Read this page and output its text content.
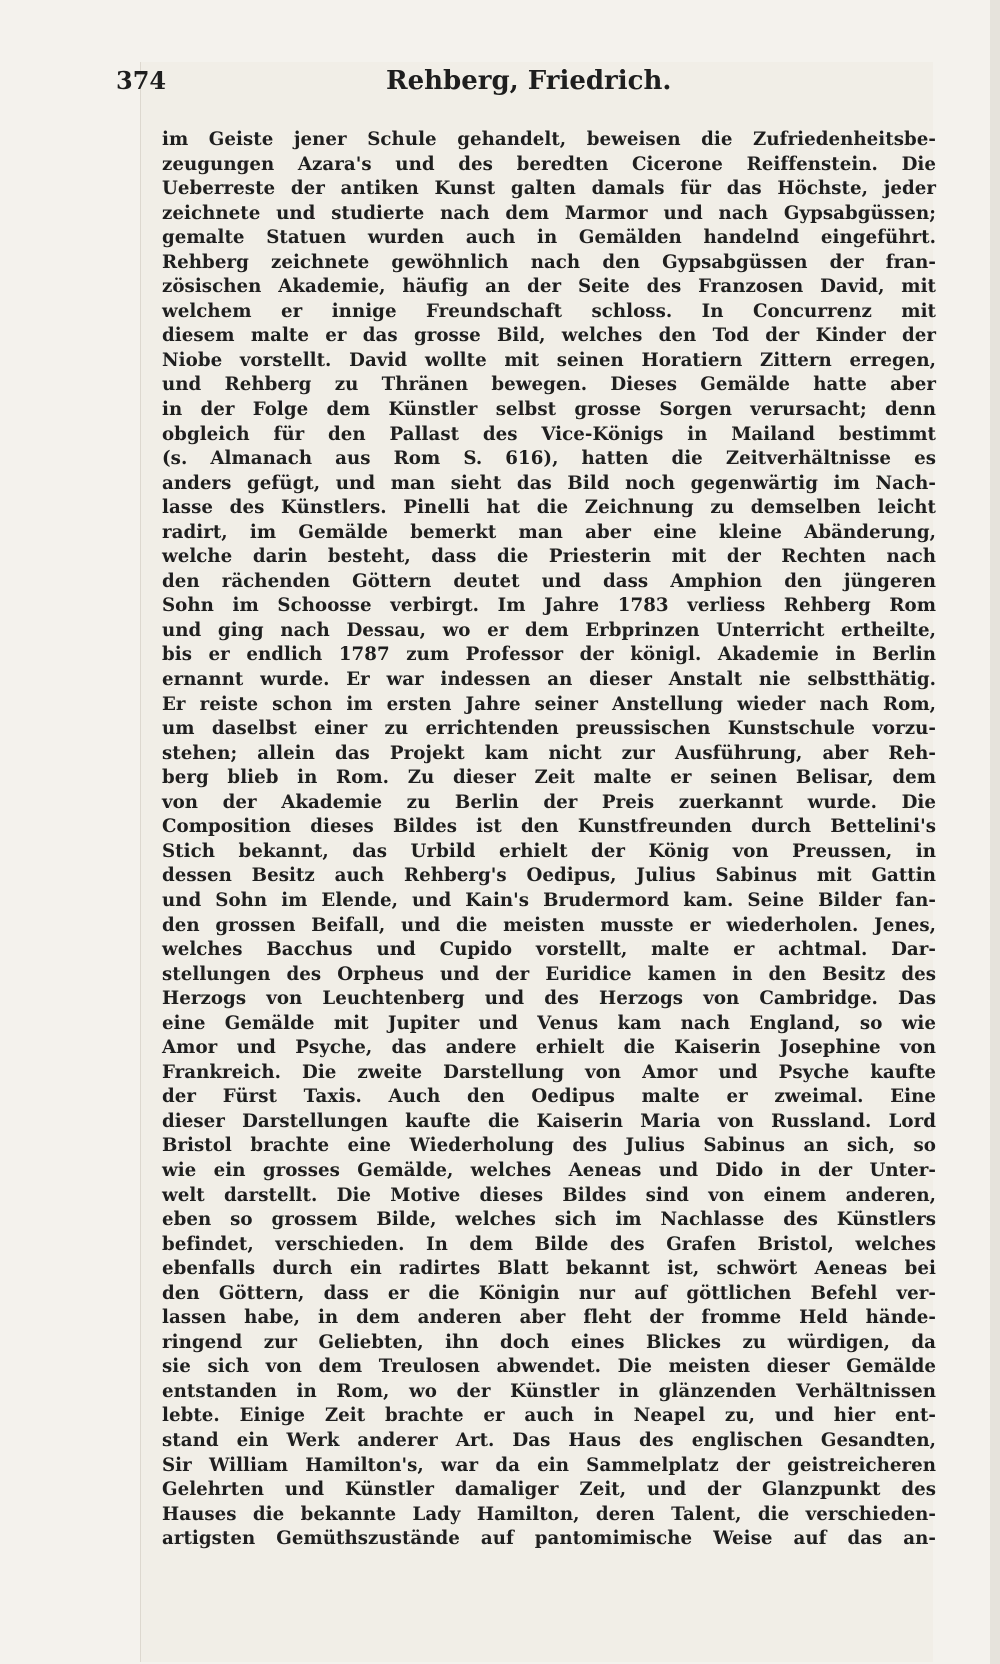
374	Rehberg, Friedrich.
im Geiste jener Schule gehandelt, beweisen die Zufriedenheitsbe-
zeugungen Azara's und des beredten Cicerone Reiffenstein. Die
Ueberreste der antiken Kunst galten damals für das Höchste, jeder
zeichnete und studierte nach dem Marmor und nach Gypsabgüssen;
gemalte Statuen wurden auch in Gemälden handelnd eingeführt.
Rehberg zeichnete gewöhnlich nach den Gypsabgüssen der fran-
zösischen Akademie, häufig an der Seite des Franzosen David, mit
welchem er innige Freundschaft schloss. In Concurrenz mit
diesem malte er das grosse Bild, welches den Tod der Kinder der
Niobe vorstellt. David wollte mit seinen Horatiern Zittern erregen,
und Rehberg zu Thränen bewegen. Dieses Gemälde hatte aber
in der Folge dem Künstler selbst grosse Sorgen verursacht; denn
obgleich für den Pallast des Vice-Königs in Mailand bestimmt
(s. Almanach aus Rom S. 616), hatten die Zeitverhältnisse es
anders gefügt, und man sieht das Bild noch gegenwärtig im Nach-
lasse des Künstlers. Pinelli hat die Zeichnung zu demselben leicht
radirt, im Gemälde bemerkt man aber eine kleine Abänderung,
welche darin besteht, dass die Priesterin mit der Rechten nach
den rächenden Göttern deutet und dass Amphion den jüngeren
Sohn im Schoosse verbirgt. Im Jahre 1783 verliess Rehberg Rom
und ging nach Dessau, wo er dem Erbprinzen Unterricht ertheilte,
bis er endlich 1787 zum Professor der königl. Akademie in Berlin
ernannt wurde. Er war indessen an dieser Anstalt nie selbstthätig.
Er reiste schon im ersten Jahre seiner Anstellung wieder nach Rom,
um daselbst einer zu errichtenden preussischen Kunstschule vorzu-
stehen; allein das Projekt kam nicht zur Ausführung, aber Reh-
berg blieb in Rom. Zu dieser Zeit malte er seinen Belisar, dem
von der Akademie zu Berlin der Preis zuerkannt wurde. Die
Composition dieses Bildes ist den Kunstfreunden durch Bettelini's
Stich bekannt, das Urbild erhielt der König von Preussen, in
dessen Besitz auch Rehberg's Oedipus, Julius Sabinus mit Gattin
und Sohn im Elende, und Kain's Brudermord kam. Seine Bilder fan-
den grossen Beifall, und die meisten musste er wiederholen. Jenes,
welches Bacchus und Cupido vorstellt, malte er achtmal. Dar-
stellungen des Orpheus und der Euridice kamen in den Besitz des
Herzogs von Leuchtenberg und des Herzogs von Cambridge. Das
eine Gemälde mit Jupiter und Venus kam nach England, so wie
Amor und Psyche, das andere erhielt die Kaiserin Josephine von
Frankreich. Die zweite Darstellung von Amor und Psyche kaufte
der Fürst Taxis. Auch den Oedipus malte er zweimal. Eine
dieser Darstellungen kaufte die Kaiserin Maria von Russland. Lord
Bristol brachte eine Wiederholung des Julius Sabinus an sich, so
wie ein grosses Gemälde, welches Aeneas und Dido in der Unter-
welt darstellt. Die Motive dieses Bildes sind von einem anderen,
eben so grossem Bilde, welches sich im Nachlasse des Künstlers
befindet, verschieden. In dem Bilde des Grafen Bristol, welches
ebenfalls durch ein radirtes Blatt bekannt ist, schwört Aeneas bei
den Göttern, dass er die Königin nur auf göttlichen Befehl ver-
lassen habe, in dem anderen aber fleht der fromme Held hände-
ringend zur Geliebten, ihn doch eines Blickes zu würdigen, da
sie sich von dem Treulosen abwendet. Die meisten dieser Gemälde
entstanden in Rom, wo der Künstler in glänzenden Verhältnissen
lebte. Einige Zeit brachte er auch in Neapel zu, und hier ent-
stand ein Werk anderer Art. Das Haus des englischen Gesandten,
Sir William Hamilton's, war da ein Sammelplatz der geistreicheren
Gelehrten und Künstler damaliger Zeit, und der Glanzpunkt des
Hauses die bekannte Lady Hamilton, deren Talent, die verschieden-
artigsten Gemüthszustände auf pantomimische Weise auf das an-
